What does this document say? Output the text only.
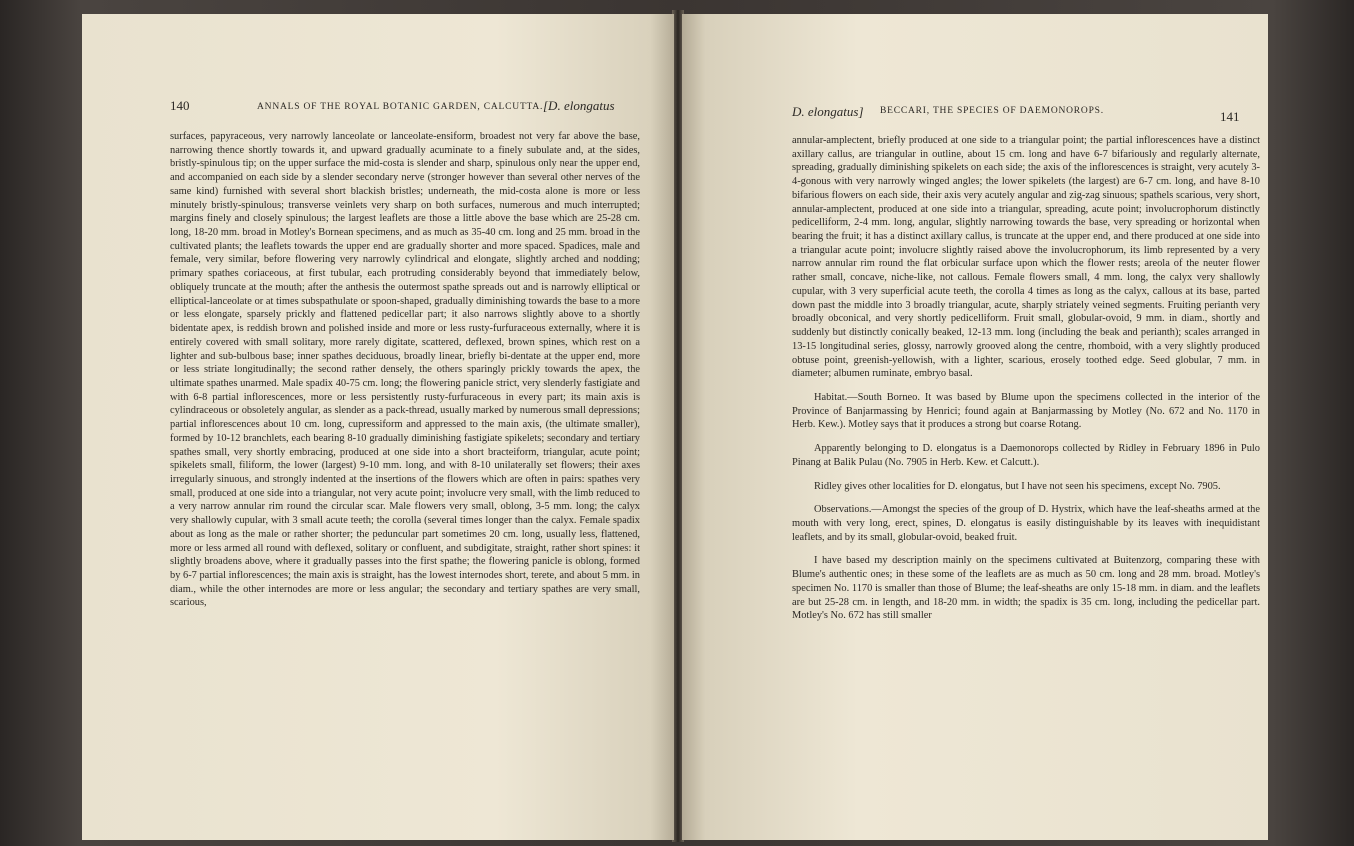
140	ANNALS OF THE ROYAL BOTANIC GARDEN, CALCUTTA. [D. elongatus

surfaces, papyraceous, very narrowly lanceolate or lanceolate-ensiform, broadest not very far above the base, narrowing thence shortly towards it, and upward gradually acuminate to a finely subulate and, at the sides, bristly-spinulous tip; on the upper surface the mid-costa is slender and sharp, spinulous only near the upper end, and accompanied on each side by a slender secondary nerve (stronger however than several other nerves of the same kind) furnished with several short blackish bristles; underneath, the mid-costa alone is more or less minutely bristly-spinulous; transverse veinlets very sharp on both surfaces, numerous and much interrupted; margins finely and closely spinulous; the largest leaflets are those a little above the base which are 25-28 cm. long, 18-20 mm. broad in Motley's Bornean specimens, and as much as 35-40 cm. long and 25 mm. broad in the cultivated plants; the leaflets towards the upper end are gradually shorter and more spaced. Spadices, male and female, very similar, before flowering very narrowly cylindrical and elongate, slightly arched and nodding; primary spathes coriaceous, at first tubular, each protruding considerably beyond that immediately below, obliquely truncate at the mouth; after the anthesis the outermost spathe spreads out and is narrowly elliptical or elliptical-lanceolate or at times subspathulate or spoon-shaped, gradually diminishing towards the base to a more or less elongate, sparsely prickly and flattened pedicellar part; it also narrows slightly above to a shortly bidentate apex, is reddish brown and polished inside and more or less rusty-furfuraceous externally, where it is entirely covered with small solitary, more rarely digitate, scattered, deflexed, brown spines, which rest on a lighter and sub-bulbous base; inner spathes deciduous, broadly linear, briefly bi-dentate at the upper end, more or less striate longitudinally; the second rather densely, the others sparingly prickly towards the apex, the ultimate spathes unarmed. Male spadix 40-75 cm. long; the flowering panicle strict, very slenderly fastigiate and with 6-8 partial inflorescences, more or less persistently rusty-furfuraceous in every part; its main axis is cylindraceous or obsoletely angular, as slender as a pack-thread, usually marked by numerous small depressions; partial inflorescences about 10 cm. long, cupressiform and appressed to the main axis, (the ultimate smaller), formed by 10-12 branchlets, each bearing 8-10 gradually diminishing fastigiate spikelets; secondary and tertiary spathes small, very shortly embracing, produced at one side into a short bracteiform, triangular, acute point; spikelets small, filiform, the lower (largest) 9-10 mm. long, and with 8-10 unilaterally set flowers; their axes irregularly sinuous, and strongly indented at the insertions of the flowers which are often in pairs: spathes very small, produced at one side into a triangular, not very acute point; involucre very small, with the limb reduced to a very narrow annular rim round the circular scar. Male flowers very small, oblong, 3-5 mm. long; the calyx very shallowly cupular, with 3 small acute teeth; the corolla (several times longer than the calyx. Female spadix about as long as the male or rather shorter; the peduncular part sometimes 20 cm. long, usually less, flattened, more or less armed all round with deflexed, solitary or confluent, and subdigitate, straight, rather short spines: it slightly broadens above, where it gradually passes into the first spathe; the flowering panicle is oblong, formed by 6-7 partial inflorescences; the main axis is straight, has the lowest internodes short, terete, and about 5 mm. in diam., while the other internodes are more or less angular; the secondary and tertiary spathes are very small, scarious,

D. elongatus] BECCARI, THE SPECIES OF DAEMONOROPS.	141

annular-amplectent, briefly produced at one side to a triangular point; the partial inflorescences have a distinct axillary callus, are triangular in outline, about 15 cm. long and have 6-7 bifariously and regularly alternate, spreading, gradually diminishing spikelets on each side; the axis of the inflorescences is straight, very acutely 3-4-gonous with very narrowly winged angles; the lower spikelets (the largest) are 6-7 cm. long, and have 8-10 bifarious flowers on each side, their axis very acutely angular and zig-zag sinuous; spathels scarious, very short, annular-amplectent, produced at one side into a triangular, spreading, acute point; involucrophorum distinctly pedicelliform, 2-4 mm. long, angular, slightly narrowing towards the base, very spreading or horizontal when bearing the fruit; it has a distinct axillary callus, is truncate at the upper end, and there produced at one side into a triangular acute point; involucre slightly raised above the involucrophorum, its limb represented by a very narrow annular rim round the flat orbicular surface upon which the flower rests; areola of the neuter flower rather small, concave, niche-like, not callous. Female flowers small, 4 mm. long, the calyx very shallowly cupular, with 3 very superficial acute teeth, the corolla 4 times as long as the calyx, callous at its base, parted down past the middle into 3 broadly triangular, acute, sharply striately veined segments. Fruiting perianth very broadly obconical, and very shortly pedicelliform. Fruit small, globular-ovoid, 9 mm. in diam., shortly and suddenly but distinctly conically beaked, 12-13 mm. long (including the beak and perianth); scales arranged in 13-15 longitudinal series, glossy, narrowly grooved along the centre, rhomboid, with a very slightly produced obtuse point, greenish-yellowish, with a lighter, scarious, erosely toothed edge. Seed globular, 7 mm. in diameter; albumen ruminate, embryo basal.

Habitat.—South Borneo. It was based by Blume upon the specimens collected in the interior of the Province of Banjarmassing by Henrici; found again at Banjarmassing by Motley (No. 672 and No. 1170 in Herb. Kew.). Motley says that it produces a strong but coarse Rotang.

Apparently belonging to D. elongatus is a Daemonorops collected by Ridley in February 1896 in Pulo Pinang at Balik Pulau (No. 7905 in Herb. Kew. et Calcutt.).

Ridley gives other localities for D. elongatus, but I have not seen his specimens, except No. 7905.

Observations.—Amongst the species of the group of D. Hystrix, which have the leaf-sheaths armed at the mouth with very long, erect, spines, D. elongatus is easily distinguishable by its leaves with inequidistant leaflets, and by its small, globular-ovoid, beaked fruit.

I have based my description mainly on the specimens cultivated at Buitenzorg, comparing these with Blume's authentic ones; in these some of the leaflets are as much as 50 cm. long and 28 mm. broad. Motley's specimen No. 1170 is smaller than those of Blume; the leaf-sheaths are only 15-18 mm. in diam. and the leaflets are but 25-28 cm. in length, and 18-20 mm. in width; the spadix is 35 cm. long, including the pedicellar part. Motley's No. 672 has still smaller
